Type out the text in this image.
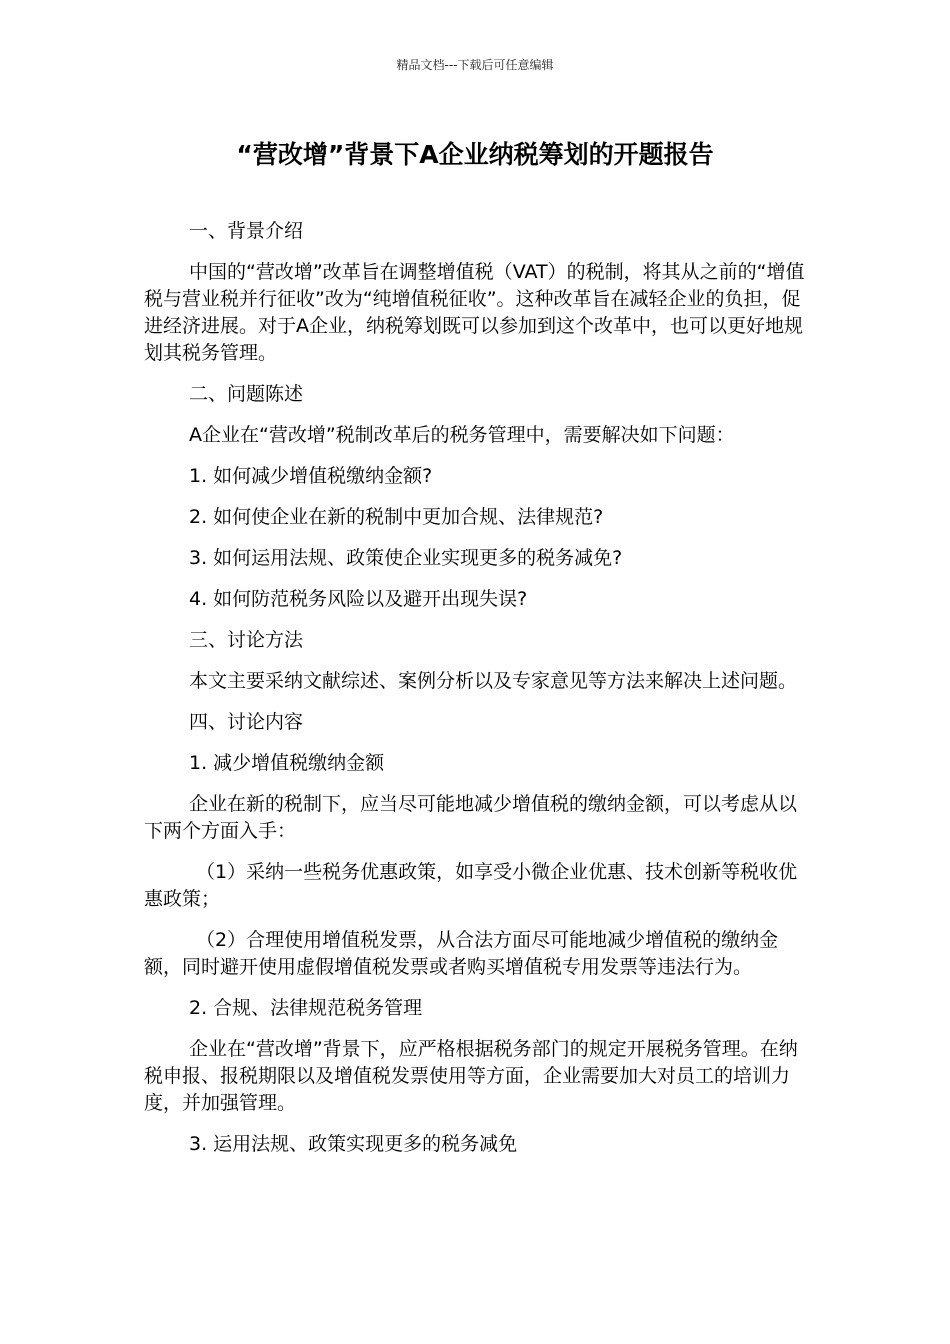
精品文档---下载后可任意编辑
“营改增”背景下A企业纳税筹划的开题报告

一、背景介绍

中国的“营改增”改革旨在调整增值税（VAT）的税制，将其从之前的“增值税与营业税并行征收”改为“纯增值税征收”。这种改革旨在减轻企业的负担，促进经济进展。对于A企业，纳税筹划既可以参加到这个改革中，也可以更好地规划其税务管理。

二、问题陈述

A企业在“营改增”税制改革后的税务管理中，需要解决如下问题：

1. 如何减少增值税缴纳金额?

2. 如何使企业在新的税制中更加合规、法律规范?

3. 如何运用法规、政策使企业实现更多的税务减免?

4. 如何防范税务风险以及避开出现失误?

三、讨论方法

本文主要采纳文献综述、案例分析以及专家意见等方法来解决上述问题。

四、讨论内容

1. 减少增值税缴纳金额

企业在新的税制下，应当尽可能地减少增值税的缴纳金额，可以考虑从以下两个方面入手：

（1）采纳一些税务优惠政策，如享受小微企业优惠、技术创新等税收优惠政策；

（2）合理使用增值税发票，从合法方面尽可能地减少增值税的缴纳金额，同时避开使用虚假增值税发票或者购买增值税专用发票等违法行为。

2. 合规、法律规范税务管理

企业在“营改增”背景下，应严格根据税务部门的规定开展税务管理。在纳税申报、报税期限以及增值税发票使用等方面，企业需要加大对员工的培训力度，并加强管理。

3. 运用法规、政策实现更多的税务减免
